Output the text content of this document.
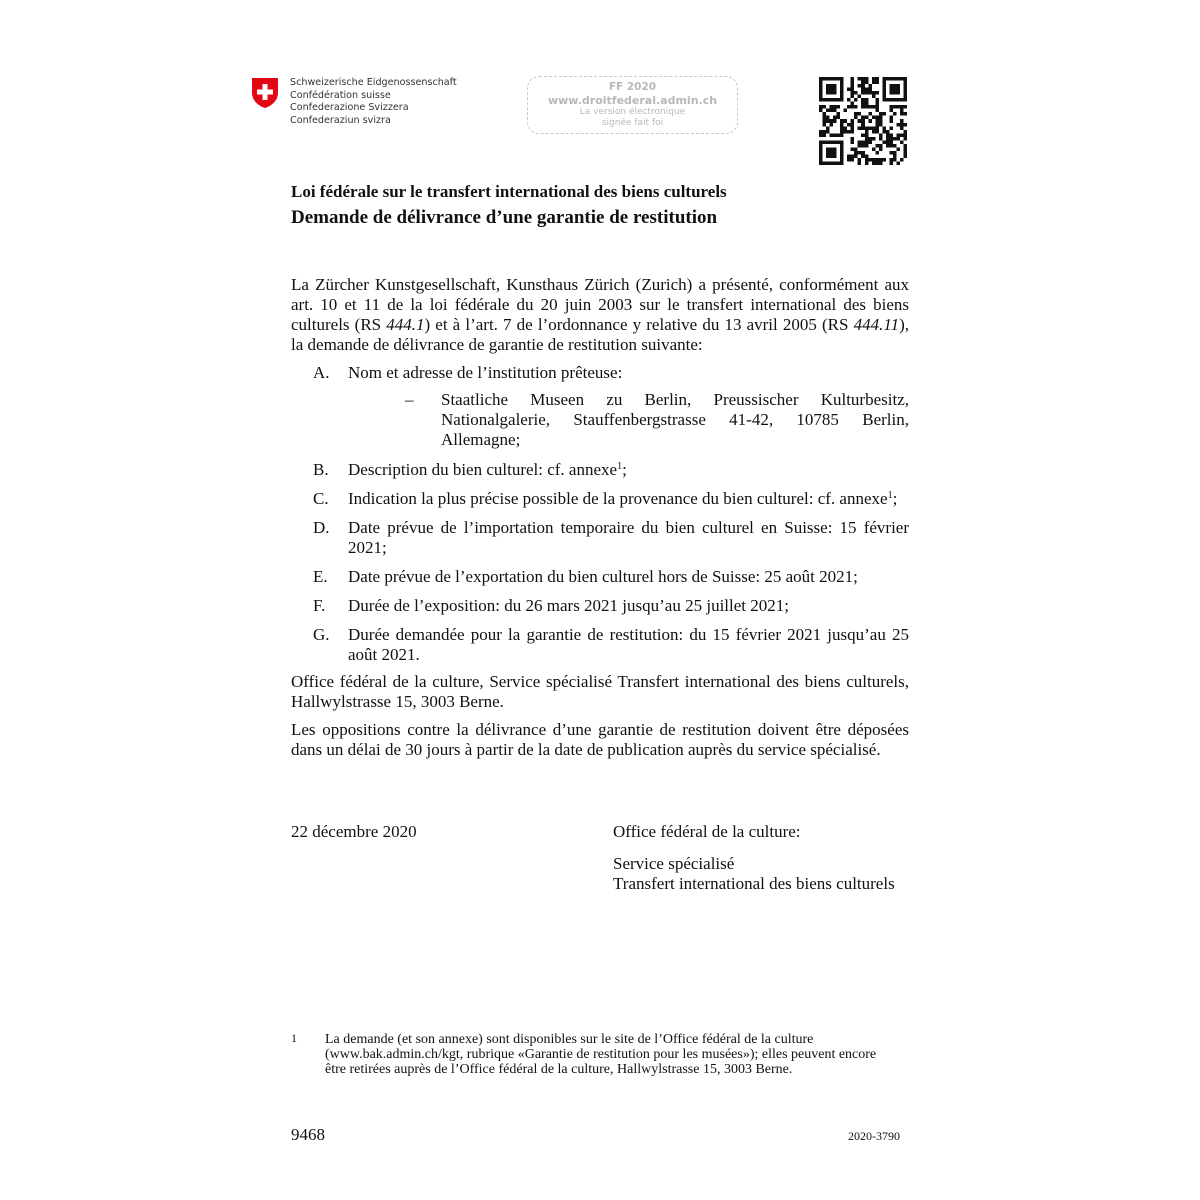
Schweizerische Eidgenossenschaft
Confédération suisse
Confederazione Svizzera
Confederaziun svizra
FF 2020
www.droitfederal.admin.ch
La version électronique
signée fait foi
Loi fédérale sur le transfert international des biens culturels
Demande de délivrance d’une garantie de restitution

La Zürcher Kunstgesellschaft, Kunsthaus Zürich (Zurich) a présenté, conformément aux art. 10 et 11 de la loi fédérale du 20 juin 2003 sur le transfert international des biens culturels (RS 444.1) et à l’art. 7 de l’ordonnance y relative du 13 avril 2005 (RS 444.11), la demande de délivrance de garantie de restitution suivante:

A. Nom et adresse de l’institution prêteuse:
– Staatliche Museen zu Berlin, Preussischer Kulturbesitz, Nationalgalerie, Stauffenbergstrasse 41-42, 10785 Berlin, Allemagne;
B. Description du bien culturel: cf. annexe$^1$;
C. Indication la plus précise possible de la provenance du bien culturel: cf. annexe$^1$;
D. Date prévue de l’importation temporaire du bien culturel en Suisse: 15 février 2021;
E. Date prévue de l’exportation du bien culturel hors de Suisse: 25 août 2021;
F. Durée de l’exposition: du 26 mars 2021 jusqu’au 25 juillet 2021;
G. Durée demandée pour la garantie de restitution: du 15 février 2021 jusqu’au 25 août 2021.

Office fédéral de la culture, Service spécialisé Transfert international des biens culturels, Hallwylstrasse 15, 3003 Berne.

Les oppositions contre la délivrance d’une garantie de restitution doivent être déposées dans un délai de 30 jours à partir de la date de publication auprès du service spécialisé.

22 décembre 2020	Office fédéral de la culture:
Service spécialisé
Transfert international des biens culturels
1 La demande (et son annexe) sont disponibles sur le site de l’Office fédéral de la culture (www.bak.admin.ch/kgt, rubrique «Garantie de restitution pour les musées»); elles peuvent encore être retirées auprès de l’Office fédéral de la culture, Hallwylstrasse 15, 3003 Berne.
9468	2020-3790
